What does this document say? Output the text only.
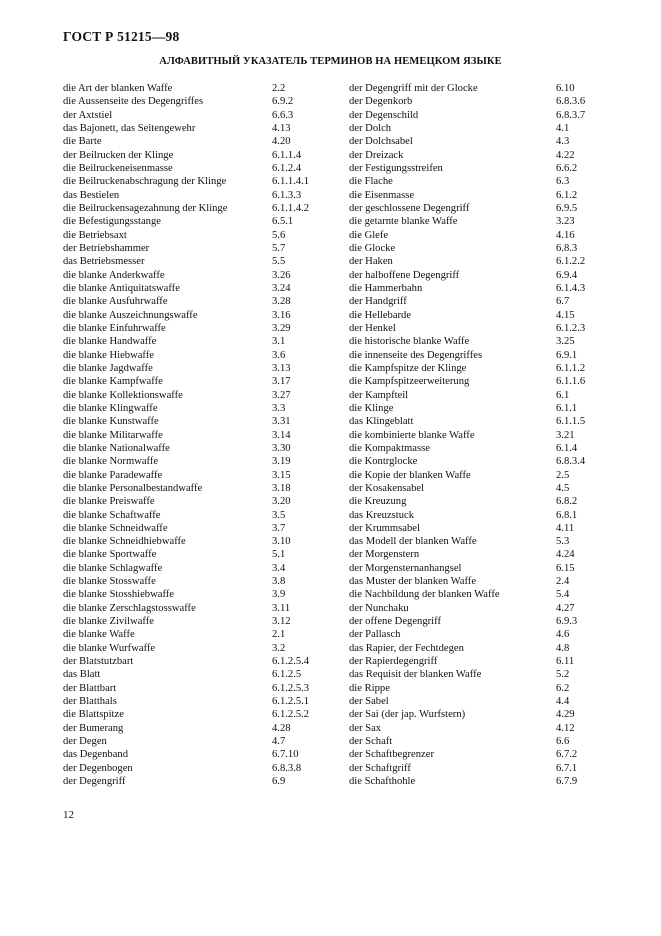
ГОСТ Р 51215—98
АЛФАВИТНЫЙ УКАЗАТЕЛЬ ТЕРМИНОВ НА НЕМЕЦКОМ ЯЗЫКЕ
die Art der blanken Waffe	2.2
die Aussenseite des Degengriffes	6.9.2
der Axtstiel	6.6.3
das Bajonett, das Seitengewehr	4.13
die Barte	4.20
der Beilrucken der Klinge	6.1.1.4
die Beilruckeneisenmasse	6.1.2.4
die Beilruckenabschragung der Klinge	6.1.1.4.1
das Bestielen	6.1.3.3
die Beilruckensagezahnung der Klinge	6.1.1.4.2
die Befestigungsstange	6.5.1
die Betriebsaxt	5.6
der Betriebshammer	5.7
das Betriebsmesser	5.5
die blanke Anderkwaffe	3.26
die blanke Antiquitatswaffe	3.24
die blanke Ausfuhrwaffe	3.28
die blanke Auszeichnungswaffe	3.16
die blanke Einfuhrwaffe	3.29
die blanke Handwaffe	3.1
die blanke Hiebwaffe	3.6
die blanke Jagdwaffe	3.13
die blanke Kampfwaffe	3.17
die blanke Kollektionswaffe	3.27
die blanke Klingwaffe	3.3
die blanke Kunstwaffe	3.31
die blanke Militarwaffe	3.14
die blanke Nationalwaffe	3.30
die blanke Normwaffe	3.19
die blanke Paradewaffe	3.15
die blanke Personalbestandwaffe	3.18
die blanke Preiswaffe	3.20
die blanke Schaftwaffe	3.5
die blanke Schneidwaffe	3.7
die blanke Schneidhiebwaffe	3.10
die blanke Sportwaffe	5.1
die blanke Schlagwaffe	3.4
die blanke Stosswaffe	3.8
die blanke Stosshiebwaffe	3.9
die blanke Zerschlagstosswaffe	3.11
die blanke Zivilwaffe	3.12
die blanke Waffe	2.1
die blanke Wurfwaffe	3.2
der Blatstutzbart	6.1.2.5.4
das Blatt	6.1.2.5
der Blattbart	6.1.2.5.3
der Blatthals	6.1.2.5.1
die Blattspitze	6.1.2.5.2
der Bumerang	4.28
der Degen	4.7
das Degenband	6.7.10
der Degenbogen	6.8.3.8
der Degengriff	6.9
der Degengriff mit der Glocke	6.10
der Degenkorb	6.8.3.6
der Degenschild	6.8.3.7
der Dolch	4.1
der Dolchsabel	4.3
der Dreizack	4.22
der Festigungsstreifen	6.6.2
die Flache	6.3
die Eisenmasse	6.1.2
der geschlossene Degengriff	6.9.5
die getarnte blanke Waffe	3.23
die Glefe	4.16
die Glocke	6.8.3
der Haken	6.1.2.2
der halboffene Degengriff	6.9.4
die Hammerbahn	6.1.4.3
der Handgriff	6.7
die Hellebarde	4.15
der Henkel	6.1.2.3
die historische blanke Waffe	3.25
die innenseite des Degengriffes	6.9.1
die Kampfspitze der Klinge	6.1.1.2
die Kampfspitzeerweiterung	6.1.1.6
der Kampfteil	6.1
die Klinge	6.1.1
das Klingeblatt	6.1.1.5
die kombinierte blanke Waffe	3.21
die Kompaktmasse	6.1.4
die Kontrglocke	6.8.3.4
die Kopie der blanken Waffe	2.5
der Kosakensabel	4.5
die Kreuzung	6.8.2
das Kreuzstuck	6.8.1
der Krummsabel	4.11
das Modell der blanken Waffe	5.3
der Morgenstern	4.24
der Morgensternanhangsel	6.15
das Muster der blanken Waffe	2.4
die Nachbildung der blanken Waffe	5.4
der Nunchaku	4.27
der offene Degengriff	6.9.3
der Pallasch	4.6
das Rapier, der Fechtdegen	4.8
der Rapierdegengriff	6.11
das Requisit der blanken Waffe	5.2
die Rippe	6.2
der Sabel	4.4
der Sai (der jap. Wurfstern)	4.29
der Sax	4.12
der Schaft	6.6
der Schaftbegrenzer	6.7.2
der Schaftgriff	6.7.1
die Schafthohle	6.7.9
12
